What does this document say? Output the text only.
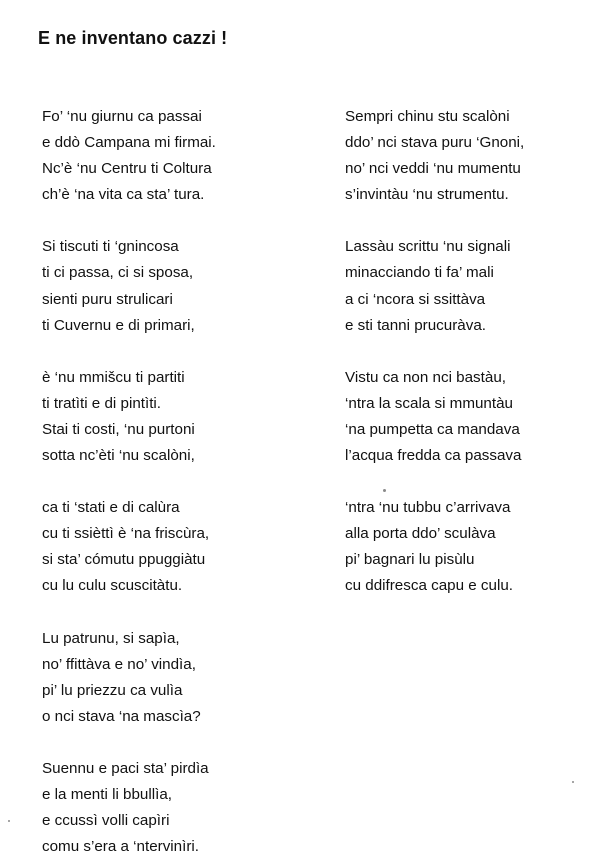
E ne inventano cazzi !
Fo’ ‘nu giurnu ca passai
e ddò Campana mi firmai.
Nc’è ‘nu Centru ti Coltura
ch’è ‘na vita ca sta’ tura.
Si tiscuti ti ‘gnincosa
ti ci passa, ci si sposa,
sienti puru strulicari
ti Cuvernu e di primari,
è ‘nu mmišcu ti partiti
ti tratìti e di pintìti.
Stai ti costi, ‘nu purtoni
sotta nc’èti ‘nu scalòni,
ca ti ‘stati e di calùra
cu ti ssièttì è ‘na friscùra,
si sta’ cómutu ppuggiàtu
cu lu culu scuscitàtu.
Lu patrunu, si sapìa,
no’ ffittàva e no’ vindìa,
pi’ lu priezzu ca vulìa
o nci stava ‘na mascìa?
Suennu e paci sta’ pirdìa
e la menti li bbullìa,
e ccussì volli capìri
comu s’era a ‘ntervinìri.
Sempri chinu stu scalòni
ddo’ nci stava puru ‘Gnoni,
no’ nci veddi ‘nu mumentu
s’invintàu ‘nu strumentu.
Lassàu scrittu ‘nu signali
minacciando ti fa’ mali
a ci ‘ncora si ssittàva
e sti tanni prucuràva.
Vistu ca non nci bastàu,
‘ntra la scala si mmuntàu
‘na pumpetta ca mandava
l’acqua fredda ca passava
‘ntra ‘nu tubbu c’arrivava
alla porta ddo’ sculàva
pi’ bagnari lu pisùlu
cu ddifresca capu e culu.
